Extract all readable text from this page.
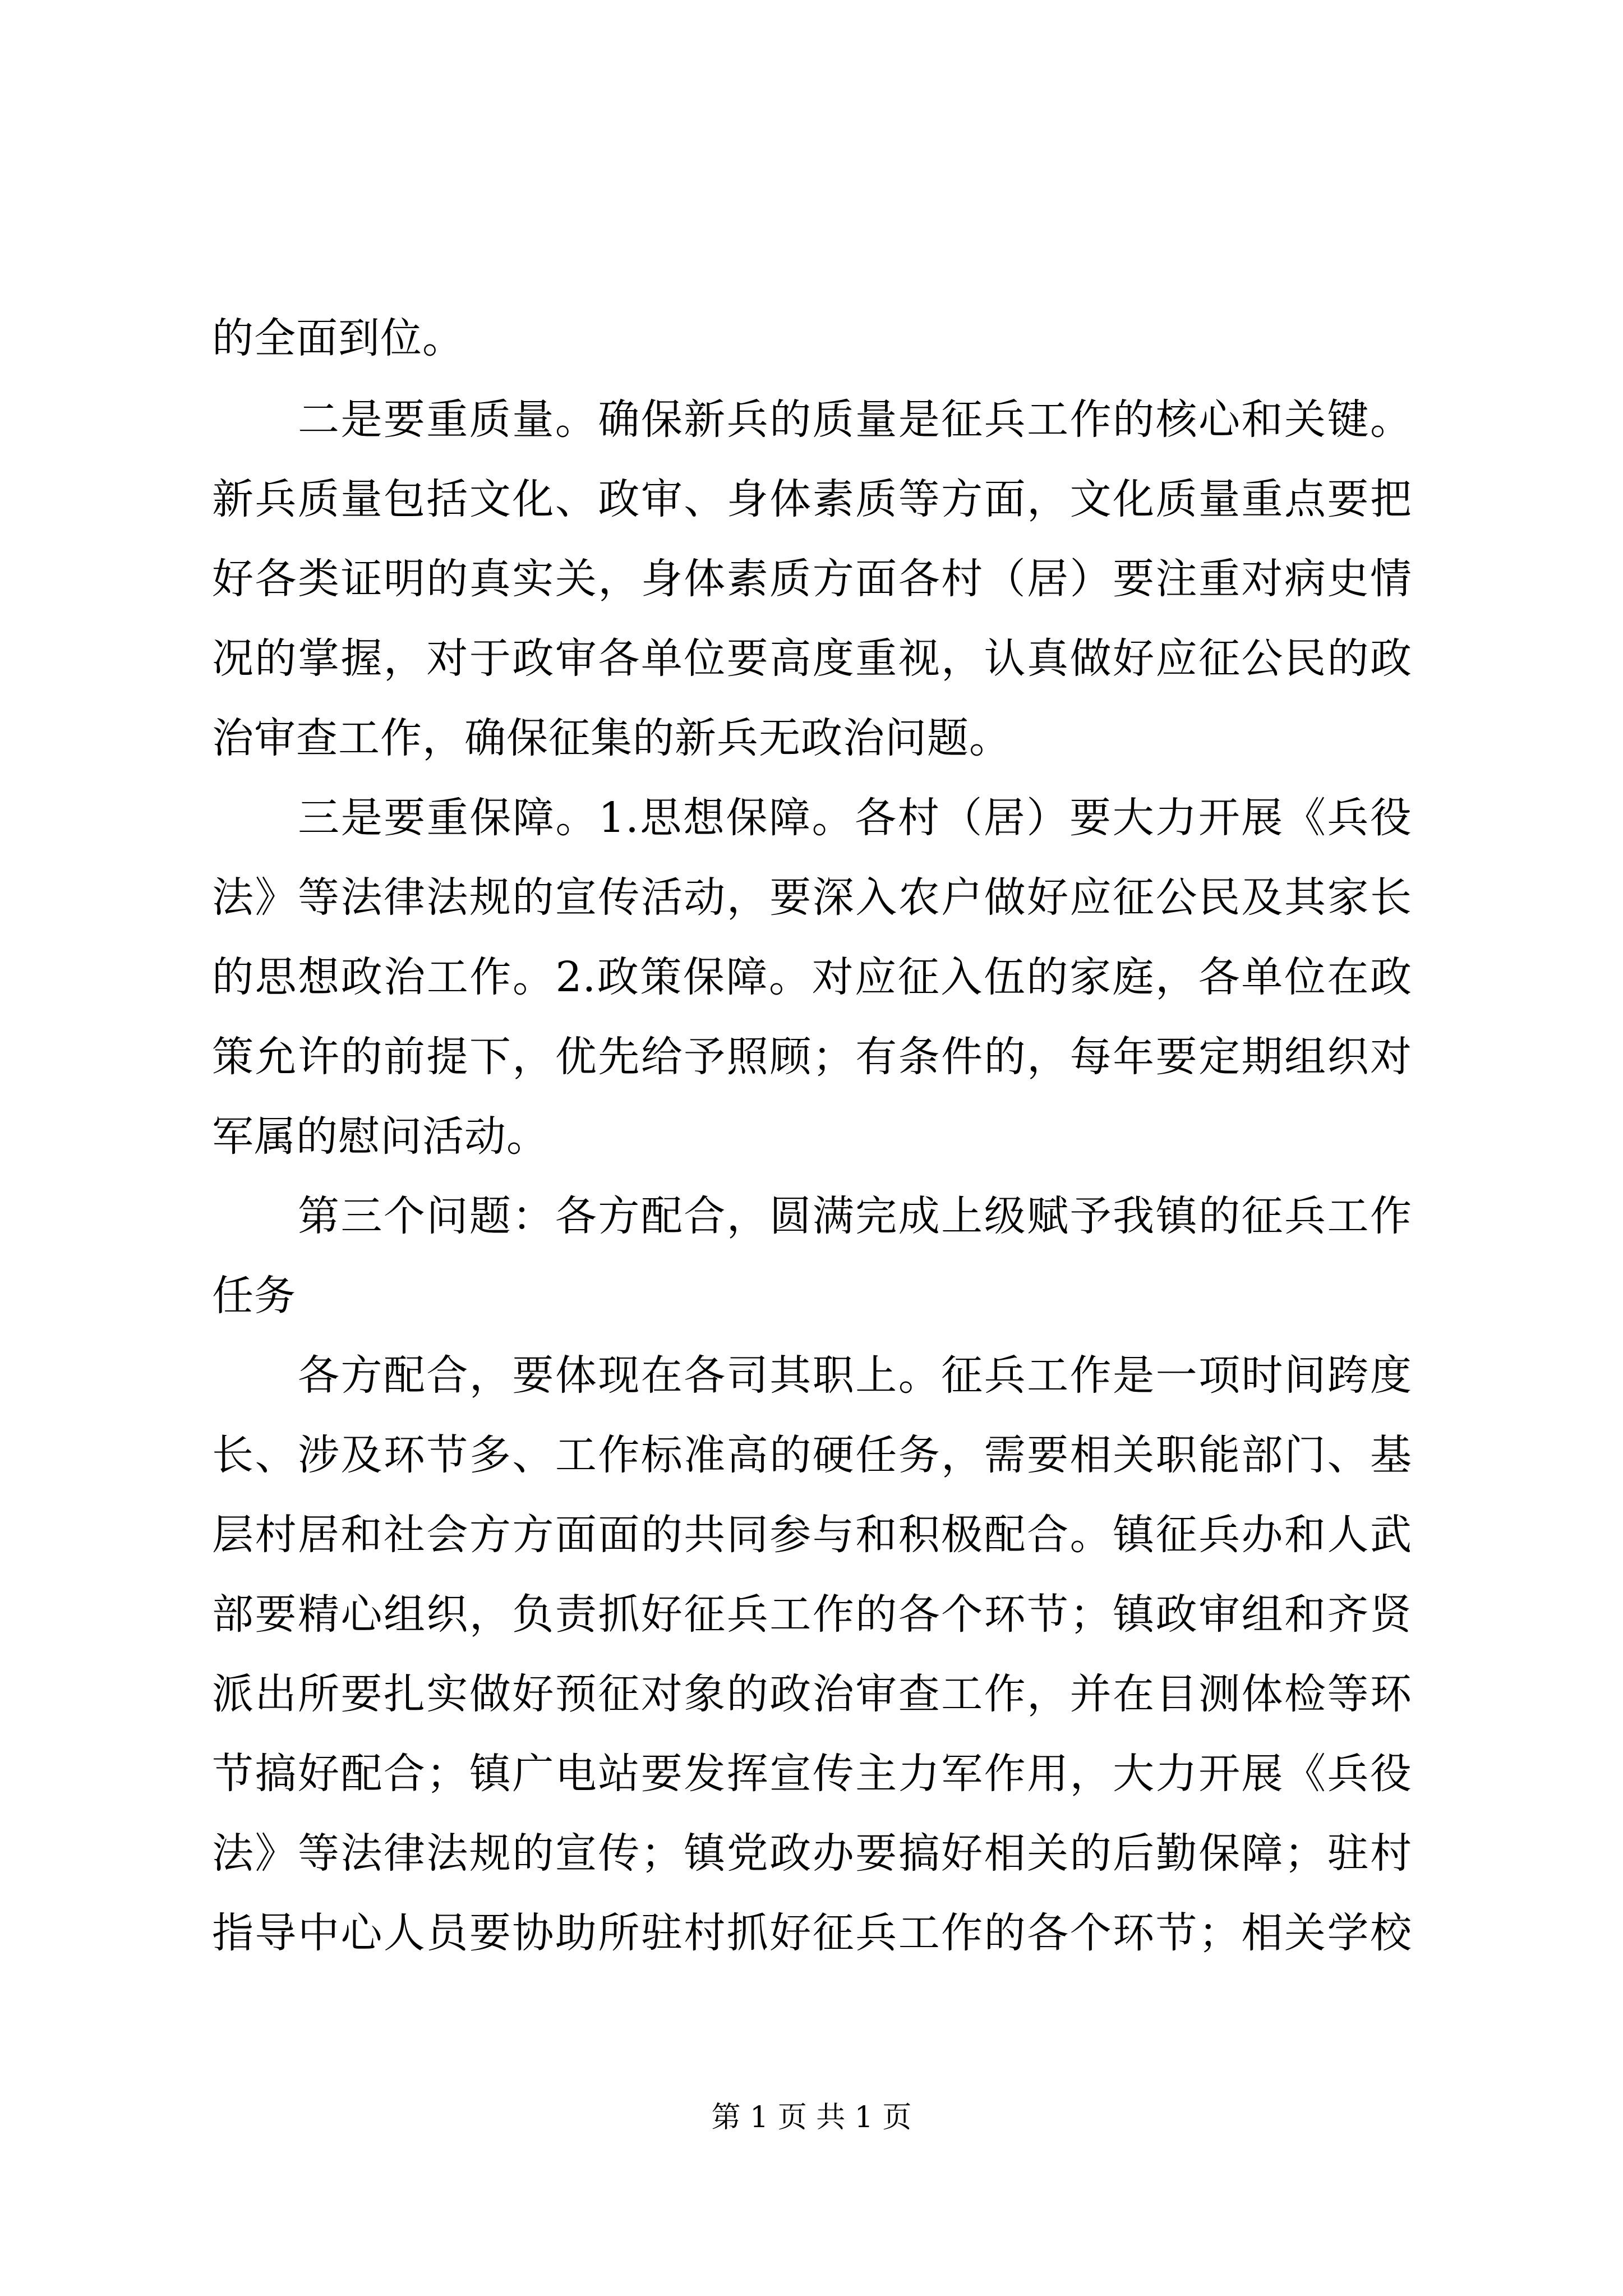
的全面到位。
　　二是要重质量。确保新兵的质量是征兵工作的核心和关键。
新兵质量包括文化、政审、身体素质等方面，文化质量重点要把
好各类证明的真实关，身体素质方面各村（居）要注重对病史情
况的掌握，对于政审各单位要高度重视，认真做好应征公民的政
治审查工作，确保征集的新兵无政治问题。
　　三是要重保障。1.思想保障。各村（居）要大力开展《兵役
法》等法律法规的宣传活动，要深入农户做好应征公民及其家长
的思想政治工作。2.政策保障。对应征入伍的家庭，各单位在政
策允许的前提下，优先给予照顾；有条件的，每年要定期组织对
军属的慰问活动。
　　第三个问题：各方配合，圆满完成上级赋予我镇的征兵工作
任务
　　各方配合，要体现在各司其职上。征兵工作是一项时间跨度
长、涉及环节多、工作标准高的硬任务，需要相关职能部门、基
层村居和社会方方面面的共同参与和积极配合。镇征兵办和人武
部要精心组织，负责抓好征兵工作的各个环节；镇政审组和齐贤
派出所要扎实做好预征对象的政治审查工作，并在目测体检等环
节搞好配合；镇广电站要发挥宣传主力军作用，大力开展《兵役
法》等法律法规的宣传；镇党政办要搞好相关的后勤保障；驻村
指导中心人员要协助所驻村抓好征兵工作的各个环节；相关学校
第 1 页 共 1 页
